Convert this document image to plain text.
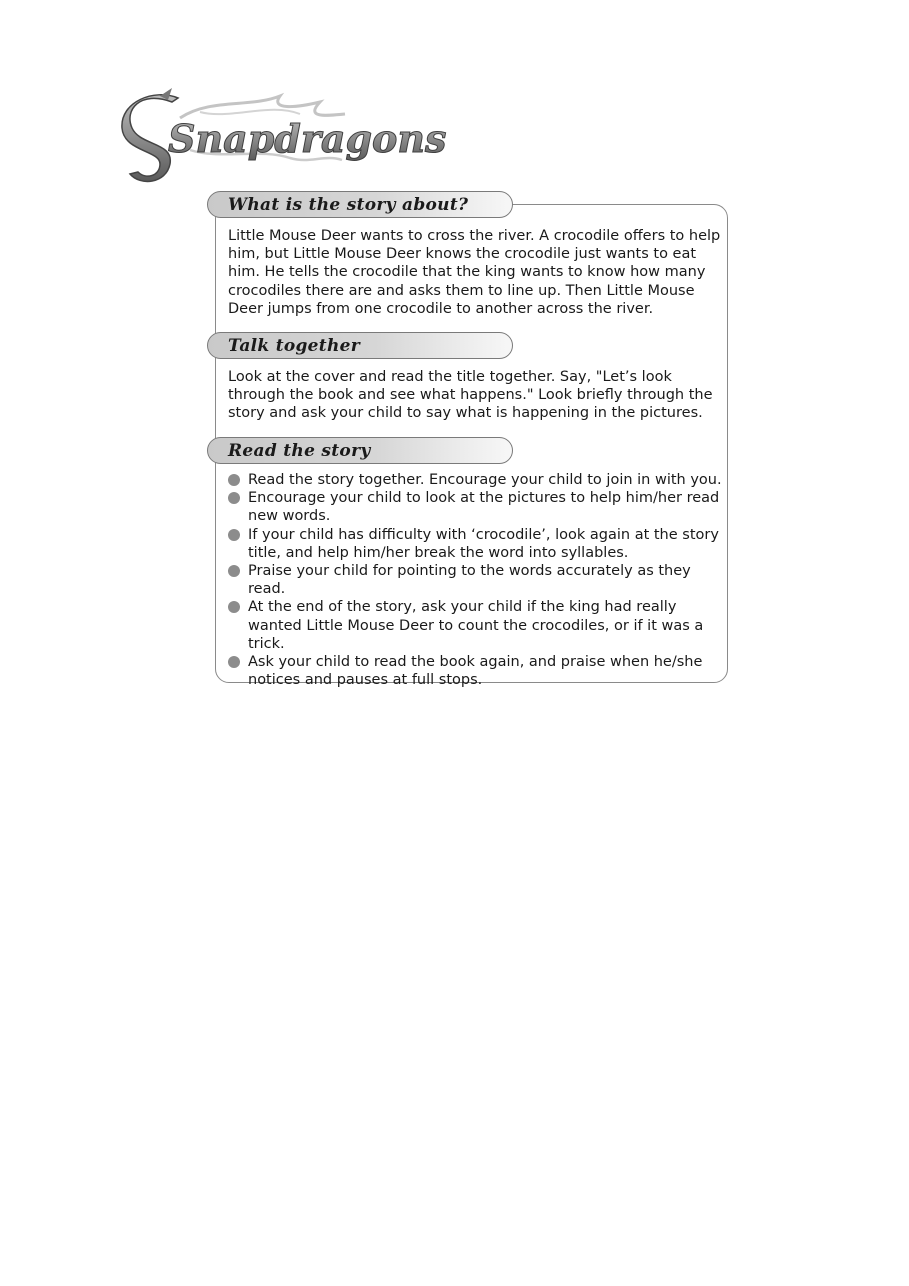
Snapdragons
What is the story about?

Little Mouse Deer wants to cross the river. A crocodile offers to help him, but Little Mouse Deer knows the crocodile just wants to eat him. He tells the crocodile that the king wants to know how many crocodiles there are and asks them to line up. Then Little Mouse Deer jumps from one crocodile to another across the river.

Talk together

Look at the cover and read the title together. Say, "Let’s look through the book and see what happens." Look briefly through the story and ask your child to say what is happening in the pictures.

Read the story
Read the story together. Encourage your child to join in with you.
Encourage your child to look at the pictures to help him/her read new words.
If your child has difficulty with ‘crocodile’, look again at the story title, and help him/her break the word into syllables.
Praise your child for pointing to the words accurately as they read.
At the end of the story, ask your child if the king had really wanted Little Mouse Deer to count the crocodiles, or if it was a trick.
Ask your child to read the book again, and praise when he/she notices and pauses at full stops.
